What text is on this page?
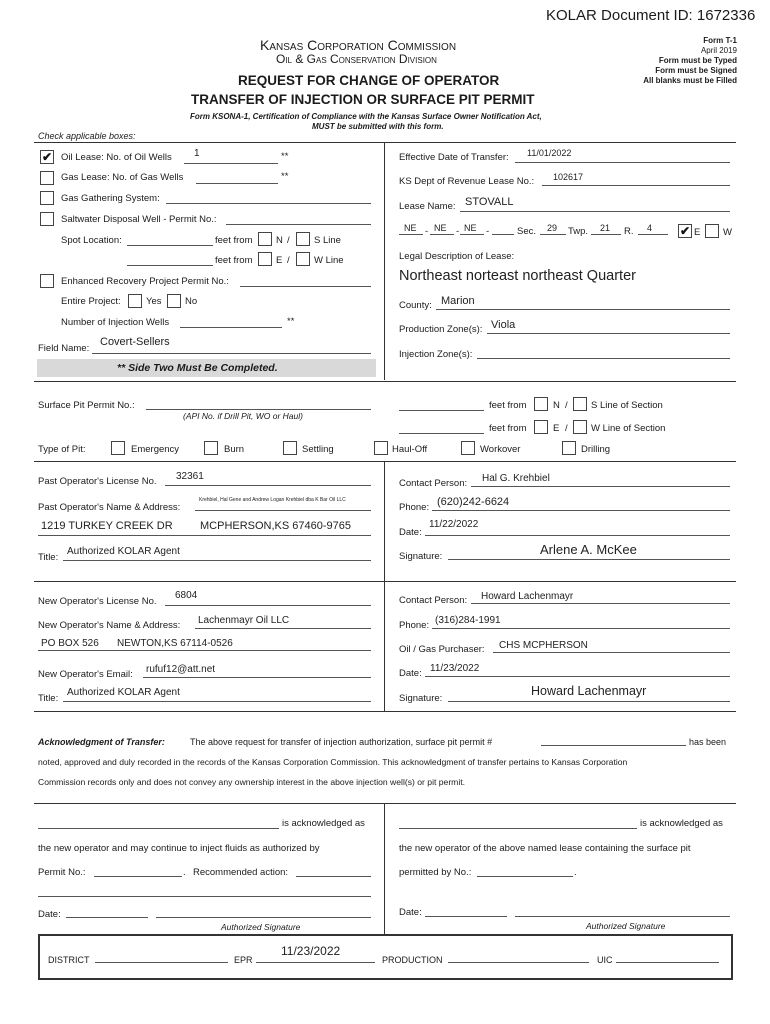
KOLAR Document ID: 1672336
Kansas Corporation Commission
Oil & Gas Conservation Division
REQUEST FOR CHANGE OF OPERATOR
TRANSFER OF INJECTION OR SURFACE PIT PERMIT
Form T-1
April 2019
Form must be Typed
Form must be Signed
All blanks must be Filled
Form KSONA-1, Certification of Compliance with the Kansas Surface Owner Notification Act,
MUST be submitted with this form.
Check applicable boxes:
✔ Oil Lease: No. of Oil Wells 1	**
Gas Lease: No. of Gas Wells	**
Gas Gathering System:
Saltwater Disposal Well - Permit No.:
Spot Location:	feet from N /	S Line
feet from E /	W Line
Enhanced Recovery Project Permit No.:
Entire Project:	Yes No
Number of Injection Wells	**
Field Name:
Covert-Sellers
** Side Two Must Be Completed.
Effective Date of Transfer: 11/01/2022
KS Dept of Revenue Lease No.: 102617
Lease Name: STOVALL
NE - NE - NE -	Sec. 29 Twp. 21 R. 4 ✔ E W
Legal Description of Lease:
Northeast norteast northeast Quarter
County: Marion
Production Zone(s): Viola
Injection Zone(s):
Surface Pit Permit No.:
(API No. if Drill Pit, WO or Haul)
feet from	N / S Line of Section
feet from	E / W Line of Section
Type of Pit:	Emergency	Burn	Settling	Haul-Off	Workover	Drilling
Past Operator's License No. 32361
Past Operator's Name & Address:
Krehbiel, Hal Gene and Andrew Logan Krehbiel dba K Bar Oil LLC
1219 TURKEY CREEK DR MCPHERSON,KS 67460-9765
Title:
Authorized KOLAR Agent
Contact Person: Hal G. Krehbiel
Phone: (620)242-6624
Date:
11/22/2022
Signature:	Arlene A. McKee
New Operator's License No.
6804
New Operator's Name & Address: Lachenmayr Oil LLC
PO BOX 526 NEWTON,KS 67114-0526
New Operator's Email: rufuf12@att.net
Title:
Authorized KOLAR Agent
Contact Person: Howard Lachenmayr
Phone: (316)284-1991
Oil / Gas Purchaser: CHS MCPHERSON
Date: 11/23/2022
Signature:
Howard Lachenmayr
Acknowledgment of Transfer:	The above request for transfer of injection authorization, surface pit permit #	has been
noted, approved and duly recorded in the records of the Kansas Corporation Commission. This acknowledgment of transfer pertains to Kansas Corporation
Commission records only and does not convey any ownership interest in the above injection well(s) or pit permit.
is acknowledged as
the new operator and may continue to inject fluids as authorized by
Permit No.:	. Recommended action:
Date:
Authorized Signature
is acknowledged as
the new operator of the above named lease containing the surface pit
permitted by No.:	.
Date:
Authorized Signature
DISTRICT	EPR
11/23/2022
PRODUCTION	UIC
